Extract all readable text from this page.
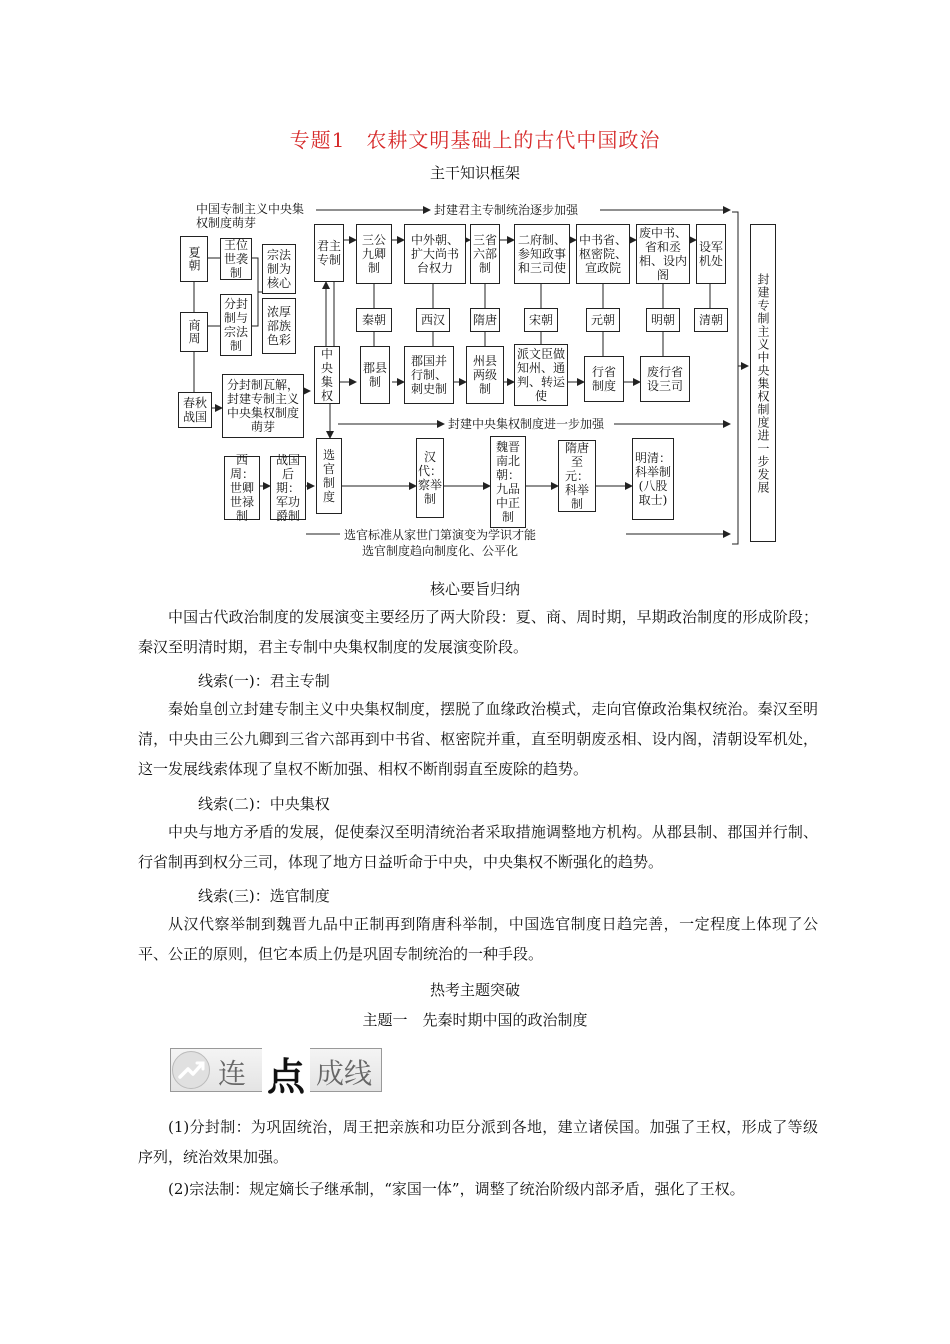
专题1　农耕文明基础上的古代中国政治
主干知识框架
中国专制主义中央集权制度萌芽
封建君主专制统治逐步加强
夏朝
商周
春秋战国
王位世袭制
分封制与宗法制
宗法制为核心
浓厚部族色彩
分封制瓦解，封建专制主义中央集权制度萌芽
君主专制
中央集权
选官制度
三公九卿制
中外朝、扩大尚书台权力
三省六部制
二府制、参知政事和三司使
中书省、枢密院、宣政院
废中书、省和丞相、设内阁
设军机处
秦朝	西汉	隋唐	宋朝	元朝	明朝	清朝
郡县制
郡国并行制、刺史制
州县两级制
派文臣做知州、通判、转运使
行省制度
废行省设三司
封建中央集权制度进一步加强
西周：世卿世禄制
战国后期：军功爵制
汉代：察举制
魏晋南北朝：九品中正制
隋唐至元：科举制
明清：科举制(八股取士)
选官标准从家世门第演变为学识才能
选官制度趋向制度化、公平化
封建专制主义中央集权制度进一步发展
核心要旨归纳
中国古代政治制度的发展演变主要经历了两大阶段：夏、商、周时期，早期政治制度的形成阶段；秦汉至明清时期，君主专制中央集权制度的发展演变阶段。
线索(一)：君主专制
秦始皇创立封建专制主义中央集权制度，摆脱了血缘政治模式，走向官僚政治集权统治。秦汉至明清，中央由三公九卿到三省六部再到中书省、枢密院并重，直至明朝废丞相、设内阁，清朝设军机处，这一发展线索体现了皇权不断加强、相权不断削弱直至废除的趋势。
线索(二)：中央集权
中央与地方矛盾的发展，促使秦汉至明清统治者采取措施调整地方机构。从郡县制、郡国并行制、行省制再到权分三司，体现了地方日益听命于中央，中央集权不断强化的趋势。
线索(三)：选官制度
从汉代察举制到魏晋九品中正制再到隋唐科举制，中国选官制度日趋完善，一定程度上体现了公平、公正的原则，但它本质上仍是巩固专制统治的一种手段。
热考主题突破
主题一　先秦时期中国的政治制度
连 点 成线
(1)分封制：为巩固统治，周王把亲族和功臣分派到各地，建立诸侯国。加强了王权，形成了等级序列，统治效果加强。
(2)宗法制：规定嫡长子继承制，“家国一体”，调整了统治阶级内部矛盾，强化了王权。
